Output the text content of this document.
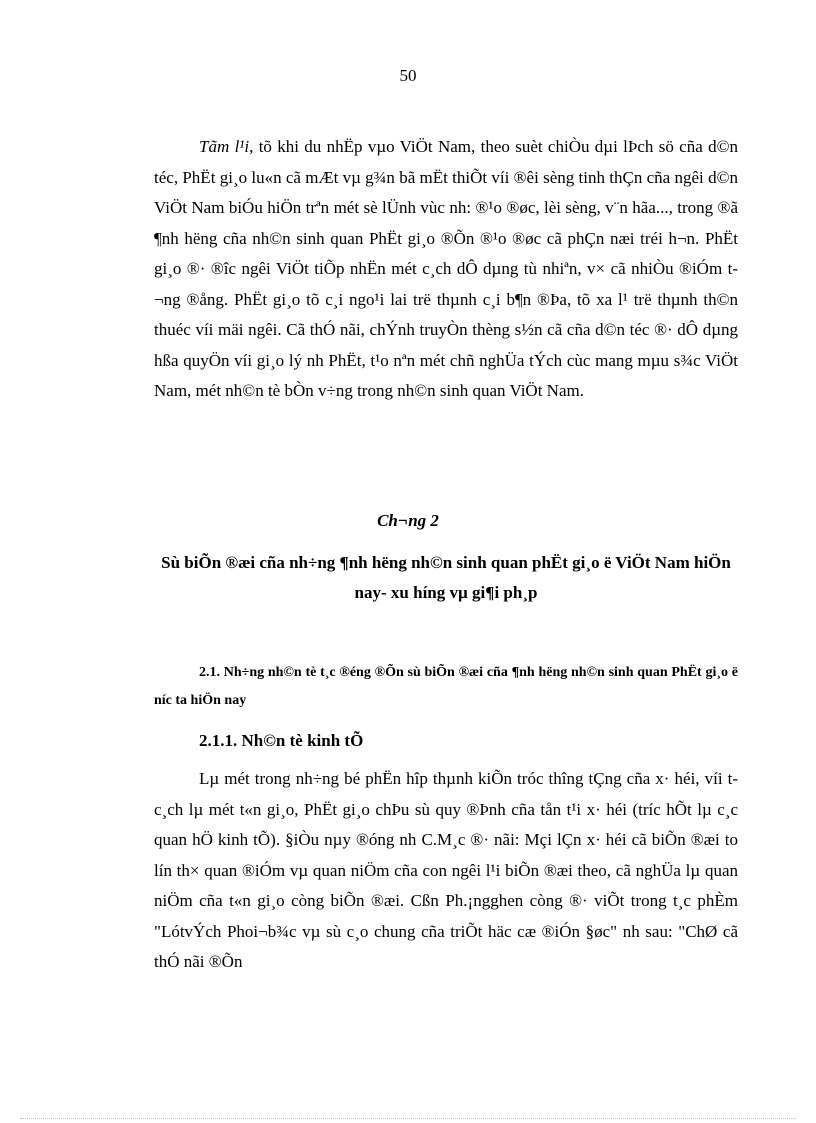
50

Tãm l¹i, tõ khi du nhËp vµo ViÖt Nam, theo suèt chiÒu dµi lÞch sö cña d©n téc, PhËt gi¸o lu«n cã mÆt vµ g¾n bã mËt thiÕt víi ®êi sèng tinh thÇn cña ngêi d©n ViÖt Nam biÓu hiÖn trªn mét sè lÜnh vùc nh: ®¹o ®øc, lèi sèng, v¨n hãa..., trong ®ã ¶nh hëng cña nh©n sinh quan PhËt gi¸o ®Õn ®¹o ®øc cã phÇn næi tréi h¬n. PhËt gi¸o ®· ®îc ngêi ViÖt tiÕp nhËn mét c¸ch dÔ dµng tù nhiªn, v× cã nhiÒu ®iÓm t¬ng ®ång. PhËt gi¸o tõ c¸i ngo¹i lai trë thµnh c¸i b¶n ®Þa, tõ xa l¹ trë thµnh th©n thuéc víi mäi ngêi. Cã thÓ nãi, chÝnh truyÒn thèng s½n cã cña d©n téc ®· dÔ dµng hßa quyÖn víi gi¸o lý nh PhËt, t¹o nªn mét chñ nghÜa tÝch cùc mang mµu s¾c ViÖt Nam, mét nh©n tè bÒn v÷ng trong nh©n sinh quan ViÖt Nam.

Ch¬ng 2

Sù biÕn ®æi cña nh÷ng ¶nh hëng nh©n sinh quan phËt gi¸o ë ViÖt Nam hiÖn nay- xu híng vµ gi¶i ph¸p

2.1. Nh÷ng nh©n tè t¸c ®éng ®Õn sù biÕn ®æi cña ¶nh hëng nh©n sinh quan PhËt gi¸o ë níc ta hiÖn nay

2.1.1. Nh©n tè kinh tÕ

Lµ mét trong nh÷ng bé phËn hîp thµnh kiÕn tróc thîng tÇng cña x· héi, víi t c¸ch lµ mét t«n gi¸o, PhËt gi¸o chÞu sù quy ®Þnh cña tån t¹i x· héi (tríc hÕt lµ c¸c quan hÖ kinh tÕ). §iÒu nµy ®óng nh C.M¸c ®· nãi: Mçi lÇn x· héi cã biÕn ®æi to lín th× quan ®iÓm vµ quan niÖm cña con ngêi l¹i biÕn ®æi theo, cã nghÜa lµ quan niÖm cña t«n gi¸o còng biÕn ®æi. Cßn Ph.¡ngghen còng ®· viÕt trong t¸c phÈm "LótvÝch Phoi¬b¾c vµ sù c¸o chung cña triÕt häc cæ ®iÓn §øc" nh sau: "ChØ cã thÓ nãi ®Õn
